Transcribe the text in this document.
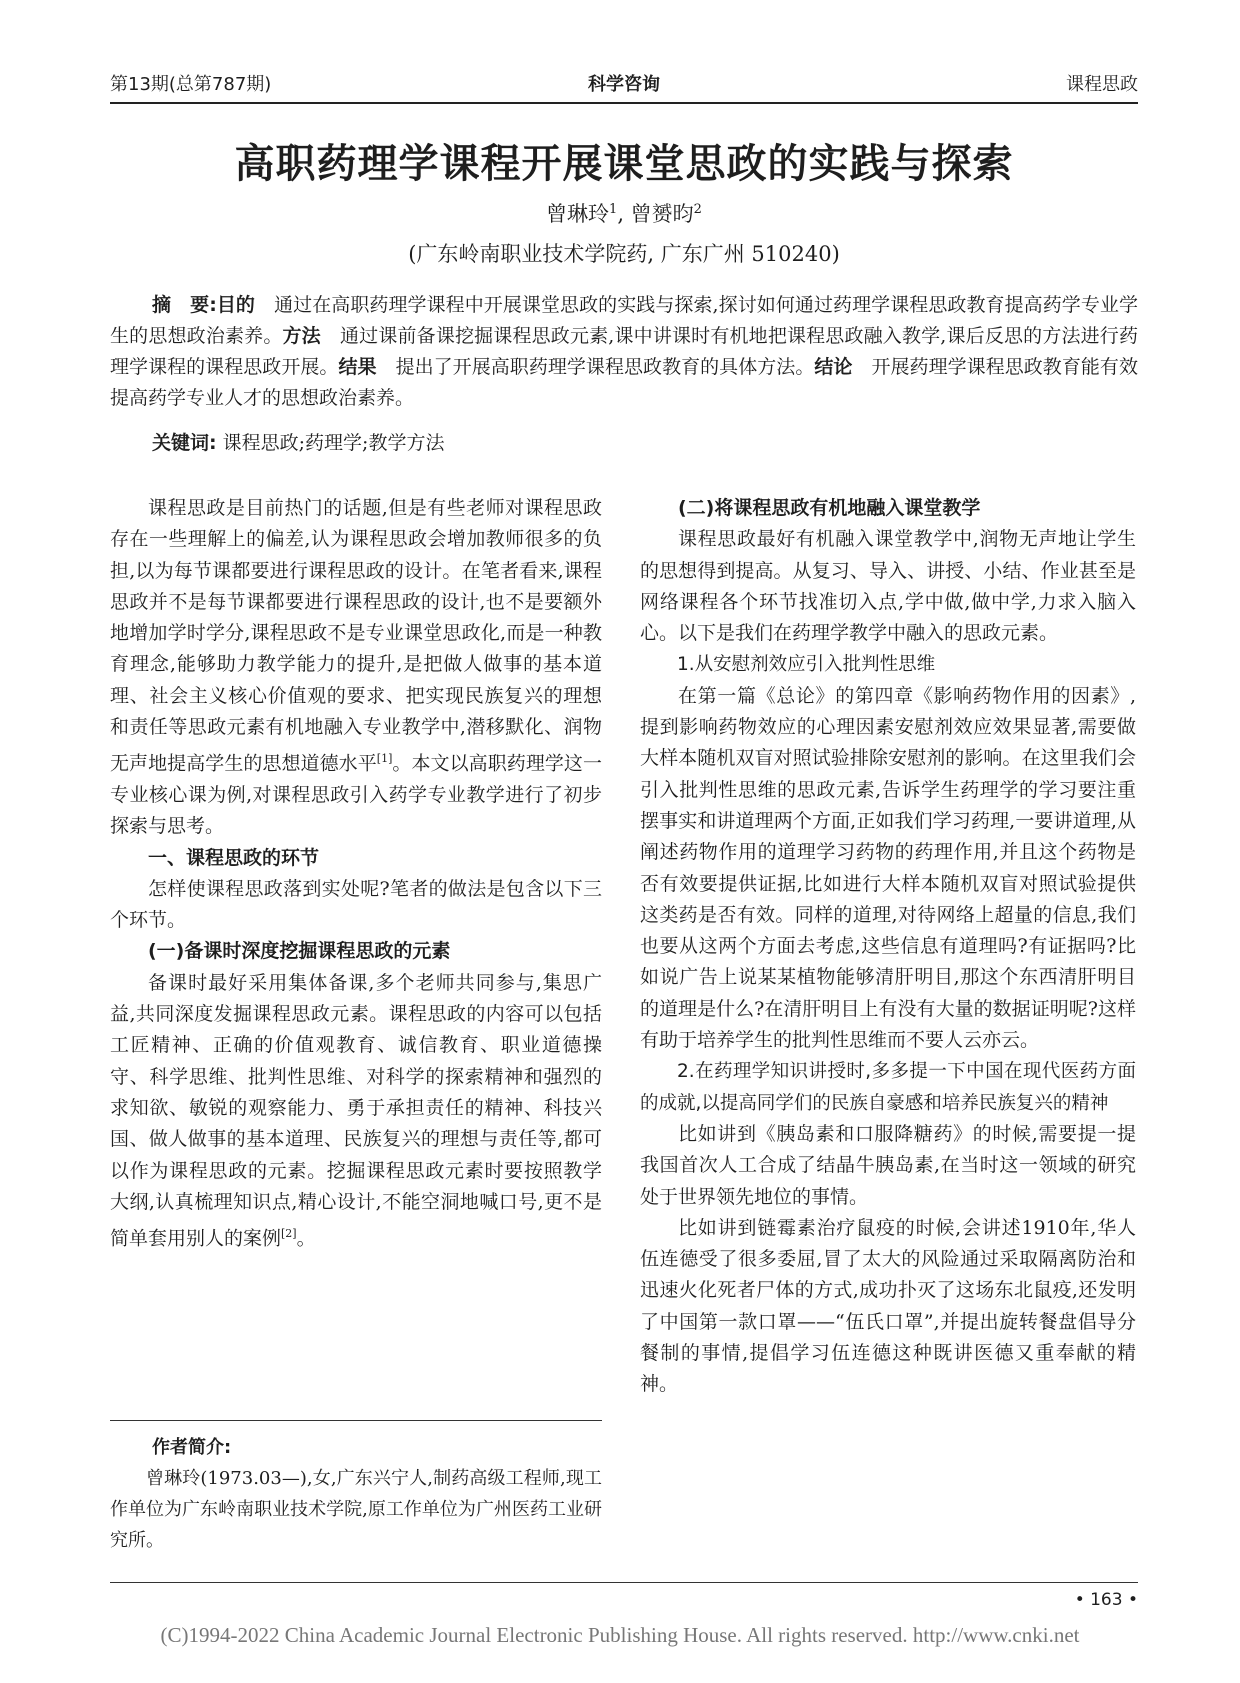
第13期(总第787期)	科学咨询	课程思政
高职药理学课程开展课堂思政的实践与探索
曾琳玲$^1$, 曾赟昀$^2$
(广东岭南职业技术学院药, 广东广州 510240)
摘　要:目的　 通过在高职药理学课程中开展课堂思政的实践与探索,探讨如何通过药理学课程思政教育提高药学专业学生的思想政治素养。方法　 通过课前备课挖掘课程思政元素,课中讲课时有机地把课程思政融入教学,课后反思的方法进行药理学课程的课程思政开展。结果　 提出了开展高职药理学课程思政教育的具体方法。结论　 开展药理学课程思政教育能有效提高药学专业人才的思想政治素养。
关键词: 课程思政;药理学;教学方法

课程思政是目前热门的话题,但是有些老师对课程思政存在一些理解上的偏差,认为课程思政会增加教师很多的负担,以为每节课都要进行课程思政的设计。在笔者看来,课程思政并不是每节课都要进行课程思政的设计,也不是要额外地增加学时学分,课程思政不是专业课堂思政化,而是一种教育理念,能够助力教学能力的提升,是把做人做事的基本道理、社会主义核心价值观的要求、把实现民族复兴的理想和责任等思政元素有机地融入专业教学中,潜移默化、润物无声地提高学生的思想道德水平[1]。本文以高职药理学这一专业核心课为例,对课程思政引入药学专业教学进行了初步探索与思考。

一、课程思政的环节

怎样使课程思政落到实处呢?笔者的做法是包含以下三个环节。

(一)备课时深度挖掘课程思政的元素

备课时最好采用集体备课,多个老师共同参与,集思广益,共同深度发掘课程思政元素。课程思政的内容可以包括工匠精神、正确的价值观教育、诚信教育、职业道德操守、科学思维、批判性思维、对科学的探索精神和强烈的求知欲、敏锐的观察能力、勇于承担责任的精神、科技兴国、做人做事的基本道理、民族复兴的理想与责任等,都可以作为课程思政的元素。挖掘课程思政元素时要按照教学大纲,认真梳理知识点,精心设计,不能空洞地喊口号,更不是简单套用别人的案例[2]。

作者简介:

曾琳玲(1973.03—),女,广东兴宁人,制药高级工程师,现工作单位为广东岭南职业技术学院,原工作单位为广州医药工业研究所。

(二)将课程思政有机地融入课堂教学

课程思政最好有机融入课堂教学中,润物无声地让学生的思想得到提高。从复习、导入、讲授、小结、作业甚至是网络课程各个环节找准切入点,学中做,做中学,力求入脑入心。以下是我们在药理学教学中融入的思政元素。

1.从安慰剂效应引入批判性思维

在第一篇《总论》的第四章《影响药物作用的因素》,提到影响药物效应的心理因素安慰剂效应效果显著,需要做大样本随机双盲对照试验排除安慰剂的影响。在这里我们会引入批判性思维的思政元素,告诉学生药理学的学习要注重摆事实和讲道理两个方面,正如我们学习药理,一要讲道理,从阐述药物作用的道理学习药物的药理作用,并且这个药物是否有效要提供证据,比如进行大样本随机双盲对照试验提供这类药是否有效。同样的道理,对待网络上超量的信息,我们也要从这两个方面去考虑,这些信息有道理吗?有证据吗?比如说广告上说某某植物能够清肝明目,那这个东西清肝明目的道理是什么?在清肝明目上有没有大量的数据证明呢?这样有助于培养学生的批判性思维而不要人云亦云。

2.在药理学知识讲授时,多多提一下中国在现代医药方面的成就,以提高同学们的民族自豪感和培养民族复兴的精神

比如讲到《胰岛素和口服降糖药》的时候,需要提一提我国首次人工合成了结晶牛胰岛素,在当时这一领域的研究处于世界领先地位的事情。

比如讲到链霉素治疗鼠疫的时候,会讲述1910年,华人伍连德受了很多委屈,冒了太大的风险通过采取隔离防治和迅速火化死者尸体的方式,成功扑灭了这场东北鼠疫,还发明了中国第一款口罩——“伍氏口罩”,并提出旋转餐盘倡导分餐制的事情,提倡学习伍连德这种既讲医德又重奉献的精神。

• 163 •
(C)1994-2022 China Academic Journal Electronic Publishing House. All rights reserved. http://www.cnki.net
